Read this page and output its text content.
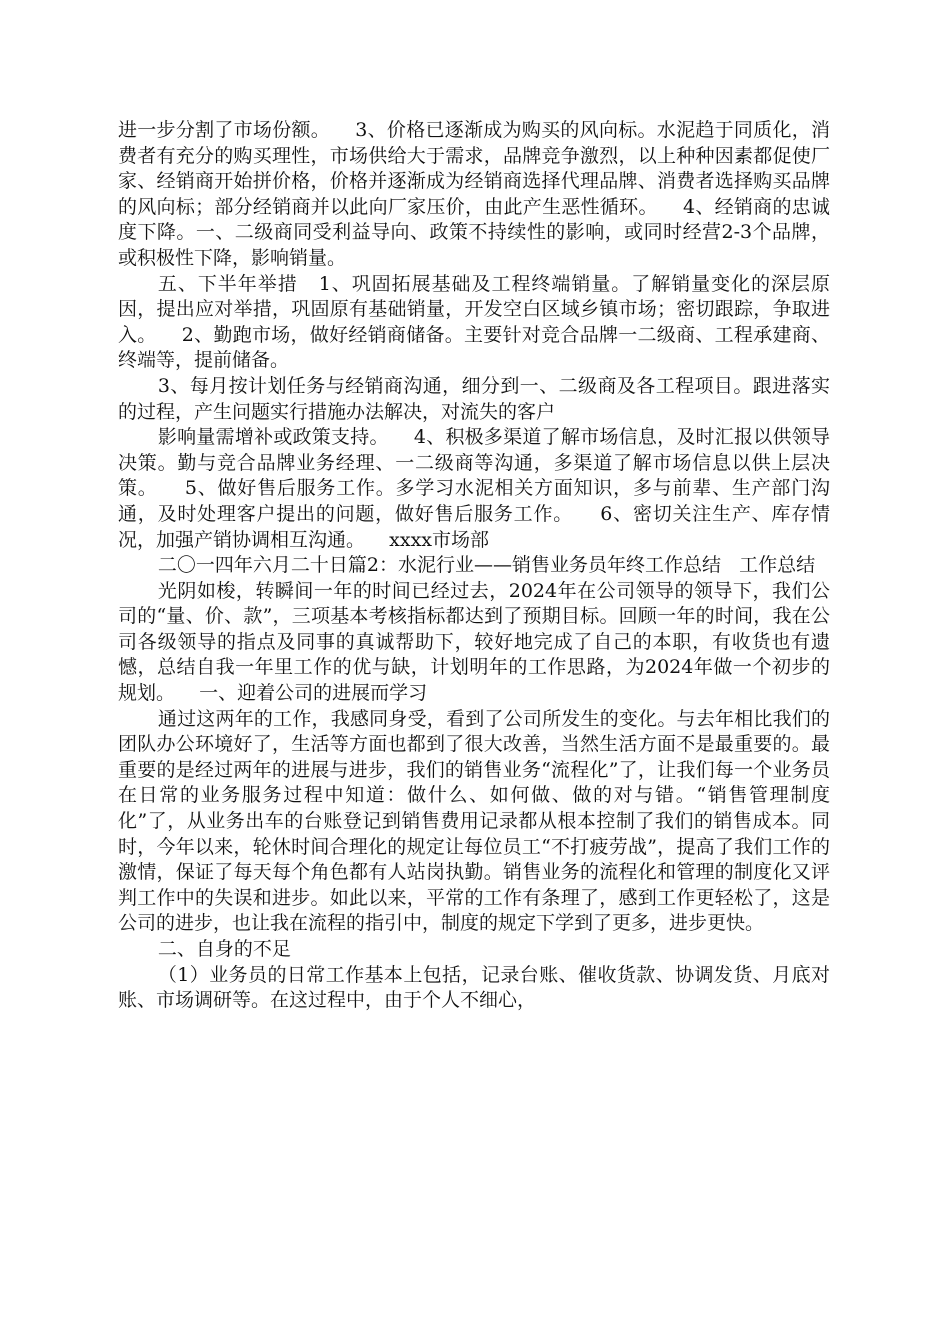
进一步分割了市场份额。    3、价格已逐渐成为购买的风向标。水泥趋于同质化，消费者有充分的购买理性，市场供给大于需求，品牌竞争激烈，以上种种因素都促使厂家、经销商开始拼价格，价格并逐渐成为经销商选择代理品牌、消费者选择购买品牌的风向标；部分经销商并以此向厂家压价，由此产生恶性循环。    4、经销商的忠诚度下降。一、二级商同受利益导向、政策不持续性的影响，或同时经营2-3个品牌，或积极性下降，影响销量。

五、下半年举措   1、巩固拓展基础及工程终端销量。了解销量变化的深层原因，提出应对举措，巩固原有基础销量，开发空白区域乡镇市场；密切跟踪，争取进入。    2、勤跑市场，做好经销商储备。主要针对竞合品牌一二级商、工程承建商、终端等，提前储备。

3、每月按计划任务与经销商沟通，细分到一、二级商及各工程项目。跟进落实的过程，产生问题实行措施办法解决，对流失的客户

影响量需增补或政策支持。    4、积极多渠道了解市场信息，及时汇报以供领导决策。勤与竞合品牌业务经理、一二级商等沟通，多渠道了解市场信息以供上层决策。    5、做好售后服务工作。多学习水泥相关方面知识，多与前辈、生产部门沟通，及时处理客户提出的问题，做好售后服务工作。    6、密切关注生产、库存情况，加强产销协调相互沟通。    xxxx市场部

二〇一四年六月二十日篇2：水泥行业——销售业务员年终工作总结   工作总结

光阴如梭，转瞬间一年的时间已经过去，2024年在公司领导的领导下，我们公司的“量、价、款”，三项基本考核指标都达到了预期目标。回顾一年的时间，我在公司各级领导的指点及同事的真诚帮助下，较好地完成了自己的本职，有收货也有遗憾，总结自我一年里工作的优与缺，计划明年的工作思路，为2024年做一个初步的规划。    一、迎着公司的进展而学习

通过这两年的工作，我感同身受，看到了公司所发生的变化。与去年相比我们的团队办公环境好了，生活等方面也都到了很大改善，当然生活方面不是最重要的。最重要的是经过两年的进展与进步，我们的销售业务“流程化”了，让我们每一个业务员在日常的业务服务过程中知道：做什么、如何做、做的对与错。“销售管理制度化”了，从业务出车的台账登记到销售费用记录都从根本控制了我们的销售成本。同时，今年以来，轮休时间合理化的规定让每位员工“不打疲劳战”，提高了我们工作的激情，保证了每天每个角色都有人站岗执勤。销售业务的流程化和管理的制度化又评判工作中的失误和进步。如此以来，平常的工作有条理了，感到工作更轻松了，这是公司的进步，也让我在流程的指引中，制度的规定下学到了更多，进步更快。

二、自身的不足

（1）业务员的日常工作基本上包括，记录台账、催收货款、协调发货、月底对账、市场调研等。在这过程中，由于个人不细心，
